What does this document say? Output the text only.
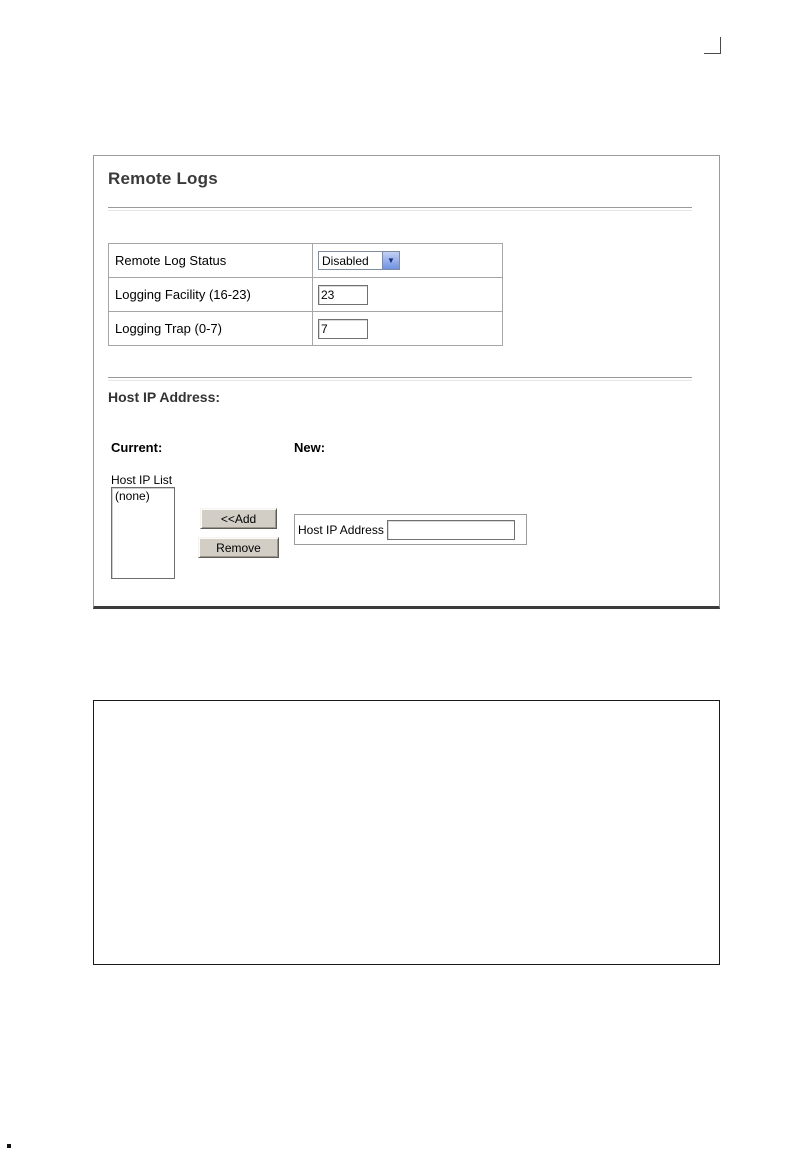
Remote Logs
Remote Log Status	Disabled ▼

Logging Facility (16-23)	23
Logging Trap (0-7)	7
Host IP Address:
Current:	New:
Host IP List
(none)
<<Add
Remove
Host IP Address
